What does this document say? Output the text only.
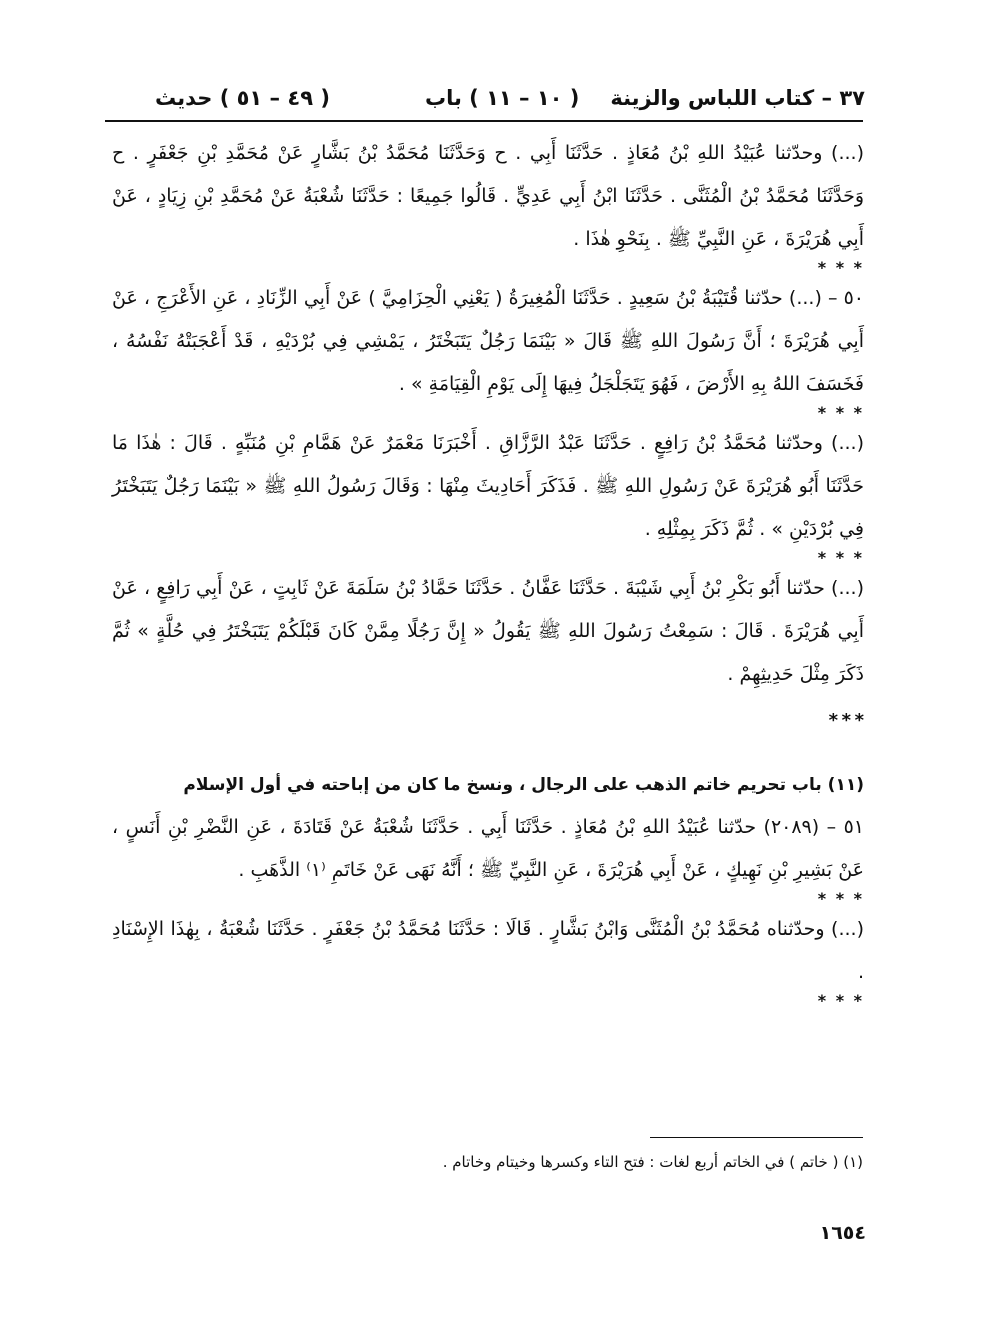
٣٧ – كتاب اللباس والزينة
( ١٠ – ١١ ) باب
( ٤٩ – ٥١ ) حديث

(...) وحدّثنا عُبَيْدُ اللهِ بْنُ مُعَاذٍ . حَدَّثَنَا أَبِي . ح وَحَدَّثَنَا مُحَمَّدُ بْنُ بَشَّارٍ عَنْ مُحَمَّدِ بْنِ جَعْفَرٍ . ح وَحَدَّثَنَا مُحَمَّدُ بْنُ الْمُثَنَّى . حَدَّثَنَا ابْنُ أَبِي عَدِيٍّ . قَالُوا جَمِيعًا : حَدَّثَنَا شُعْبَةُ عَنْ مُحَمَّدِ بْنِ زِيَادٍ ، عَنْ أَبِي هُرَيْرَةَ ، عَنِ النَّبِيِّ ﷺ . بِنَحْوِ هٰذَا .

* * *

٥٠ – (...) حدّثنا قُتَيْبَةُ بْنُ سَعِيدٍ . حَدَّثَنَا الْمُغِيرَةُ ( يَعْنِي الْحِزَامِيَّ ) عَنْ أَبِي الزِّنَادِ ، عَنِ الأَعْرَجِ ، عَنْ أَبِي هُرَيْرَةَ ؛ أَنَّ رَسُولَ اللهِ ﷺ قَالَ « بَيْنَمَا رَجُلٌ يَتَبَخْتَرُ ، يَمْشِي فِي بُرْدَيْهِ ، قَدْ أَعْجَبَتْهُ نَفْسُهُ ، فَخَسَفَ اللهُ بِهِ الأَرْضَ ، فَهُوَ يَتَجَلْجَلُ فِيهَا إِلَى يَوْمِ الْقِيَامَةِ » .

* * *

(...) وحدّثنا مُحَمَّدُ بْنُ رَافِعٍ . حَدَّثَنَا عَبْدُ الرَّزَّاقِ . أَخْبَرَنَا مَعْمَرٌ عَنْ هَمَّامِ بْنِ مُنَبِّهٍ . قَالَ : هٰذَا مَا حَدَّثَنَا أَبُو هُرَيْرَةَ عَنْ رَسُولِ اللهِ ﷺ . فَذَكَرَ أَحَادِيثَ مِنْهَا : وَقَالَ رَسُولُ اللهِ ﷺ « بَيْنَمَا رَجُلٌ يَتَبَخْتَرُ فِي بُرْدَيْنِ » . ثُمَّ ذَكَرَ بِمِثْلِهِ .

* * *

(...) حدّثنا أَبُو بَكْرِ بْنُ أَبِي شَيْبَةَ . حَدَّثَنَا عَفَّانُ . حَدَّثَنَا حَمَّادُ بْنُ سَلَمَةَ عَنْ ثَابِتٍ ، عَنْ أَبِي رَافِعٍ ، عَنْ أَبِي هُرَيْرَةَ . قَالَ : سَمِعْتُ رَسُولَ اللهِ ﷺ يَقُولُ « إِنَّ رَجُلًا مِمَّنْ كَانَ قَبْلَكُمْ يَتَبَخْتَرُ فِي حُلَّةٍ » ثُمَّ ذَكَرَ مِثْلَ حَدِيثِهِمْ .

* * *
(١١) باب تحريم خاتم الذهب على الرجال ، ونسخ ما كان من إباحته في أول الإسلام

٥١ – (٢٠٨٩) حدّثنا عُبَيْدُ اللهِ بْنُ مُعَاذٍ . حَدَّثَنَا أَبِي . حَدَّثَنَا شُعْبَةُ عَنْ قَتَادَةَ ، عَنِ النَّضْرِ بْنِ أَنَسٍ ، عَنْ بَشِيرِ بْنِ نَهِيكٍ ، عَنْ أَبِي هُرَيْرَةَ ، عَنِ النَّبِيِّ ﷺ ؛ أَنَّهُ نَهَى عَنْ خَاتَمِ ⁽١⁾ الذَّهَبِ .

* * *

(...) وحدّثناه مُحَمَّدُ بْنُ الْمُثَنَّى وَابْنُ بَشَّارٍ . قَالَا : حَدَّثَنَا مُحَمَّدُ بْنُ جَعْفَرٍ . حَدَّثَنَا شُعْبَةُ ، بِهٰذَا الإِسْنَادِ .

* * *
(١) ( خاتم ) في الخاتم أربع لغات : فتح التاء وكسرها وخيتام وخاتام .
١٦٥٤
